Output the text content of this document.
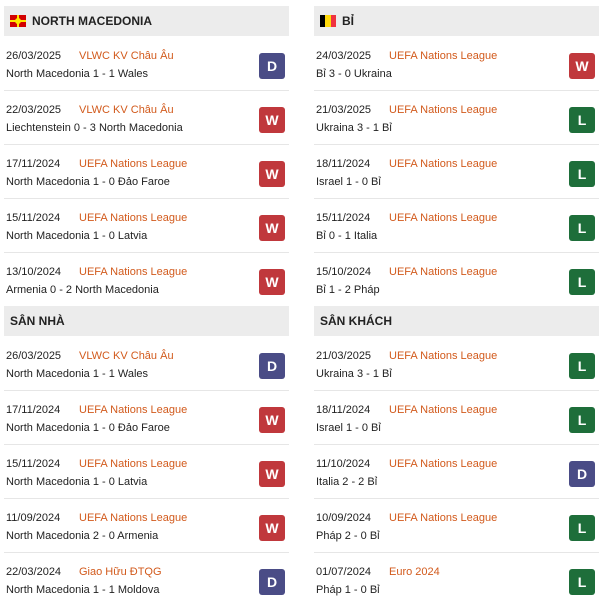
NORTH MACEDONIA
26/03/2025 VLWC KV Châu Âu
North Macedonia 1 - 1 Wales	D
22/03/2025 VLWC KV Châu Âu
Liechtenstein 0 - 3 North Macedonia	W
17/11/2024 UEFA Nations League
North Macedonia 1 - 0 Đảo Faroe	W
15/11/2024 UEFA Nations League
North Macedonia 1 - 0 Latvia	W
13/10/2024 UEFA Nations League
Armenia 0 - 2 North Macedonia	W
BỈ
24/03/2025 UEFA Nations League
Bỉ 3 - 0 Ukraina	W
21/03/2025 UEFA Nations League
Ukraina 3 - 1 Bỉ	L
18/11/2024 UEFA Nations League
Israel 1 - 0 Bỉ	L
15/11/2024 UEFA Nations League
Bỉ 0 - 1 Italia	L
15/10/2024 UEFA Nations League
Bỉ 1 - 2 Pháp	L
SÂN NHÀ
26/03/2025 VLWC KV Châu Âu
North Macedonia 1 - 1 Wales	D
17/11/2024 UEFA Nations League
North Macedonia 1 - 0 Đảo Faroe	W
15/11/2024 UEFA Nations League
North Macedonia 1 - 0 Latvia	W
11/09/2024 UEFA Nations League
North Macedonia 2 - 0 Armenia	W
22/03/2024 Giao Hữu ĐTQG
North Macedonia 1 - 1 Moldova	D
SÂN KHÁCH
21/03/2025 UEFA Nations League
Ukraina 3 - 1 Bỉ	L
18/11/2024 UEFA Nations League
Israel 1 - 0 Bỉ	L
11/10/2024 UEFA Nations League
Italia 2 - 2 Bỉ	D
10/09/2024 UEFA Nations League
Pháp 2 - 0 Bỉ	L
01/07/2024 Euro 2024
Pháp 1 - 0 Bỉ	L
